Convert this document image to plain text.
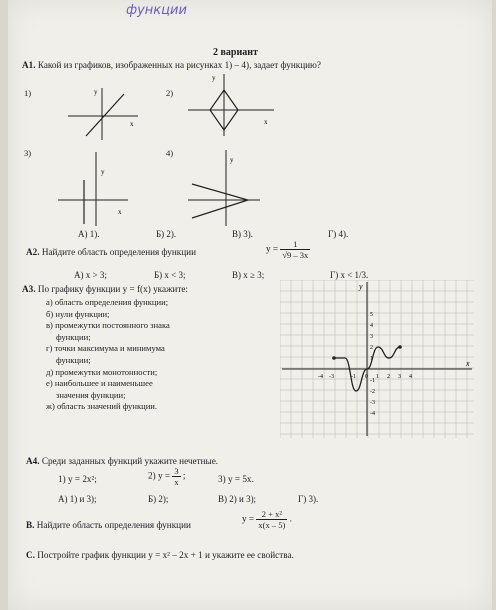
функции
2 вариант
А1. Какой из графиков, изображенных на рисунках 1) – 4), задает функцию?
1)	y
x
2)
y
x
3)
y
x
4)
y
А) 1).	Б) 2).	В) 3).	Г) 4).
А2. Найдите область определения функции	$y = \frac{1}{√9 - 3x}$
А) x > 3;	Б) x < 3;	В) x ≥ 3;	Г) x < 1/3.
А3. По графику функции y = f(x) укажите:
а) область определения функции;
б) нули функции;
в) промежутки постоянного знака
функции;
г) точки максимума и минимума
функции;
д) промежутки монотонности;
е) наибольшее и наименьшее
значения функции;
ж) область значений функции.
-4 -3	-1 0 1 2 3 4
5
4
3
2
1
-1
-2
-3
-4
x
y
А4. Среди заданных функций укажите нечетные.
1) y = 2x²;	2) $y = \frac{3}{x}$ ;	3) y = 5x.
А) 1) и 3);	Б) 2);	В) 2) и 3);	Г) 3).
В. Найдите область определения функции
$y = \frac{\text{2 + x²}}{x(x - 5)}$ .
С. Постройте график функции y = x² – 2x + 1 и укажите ее свойства.
